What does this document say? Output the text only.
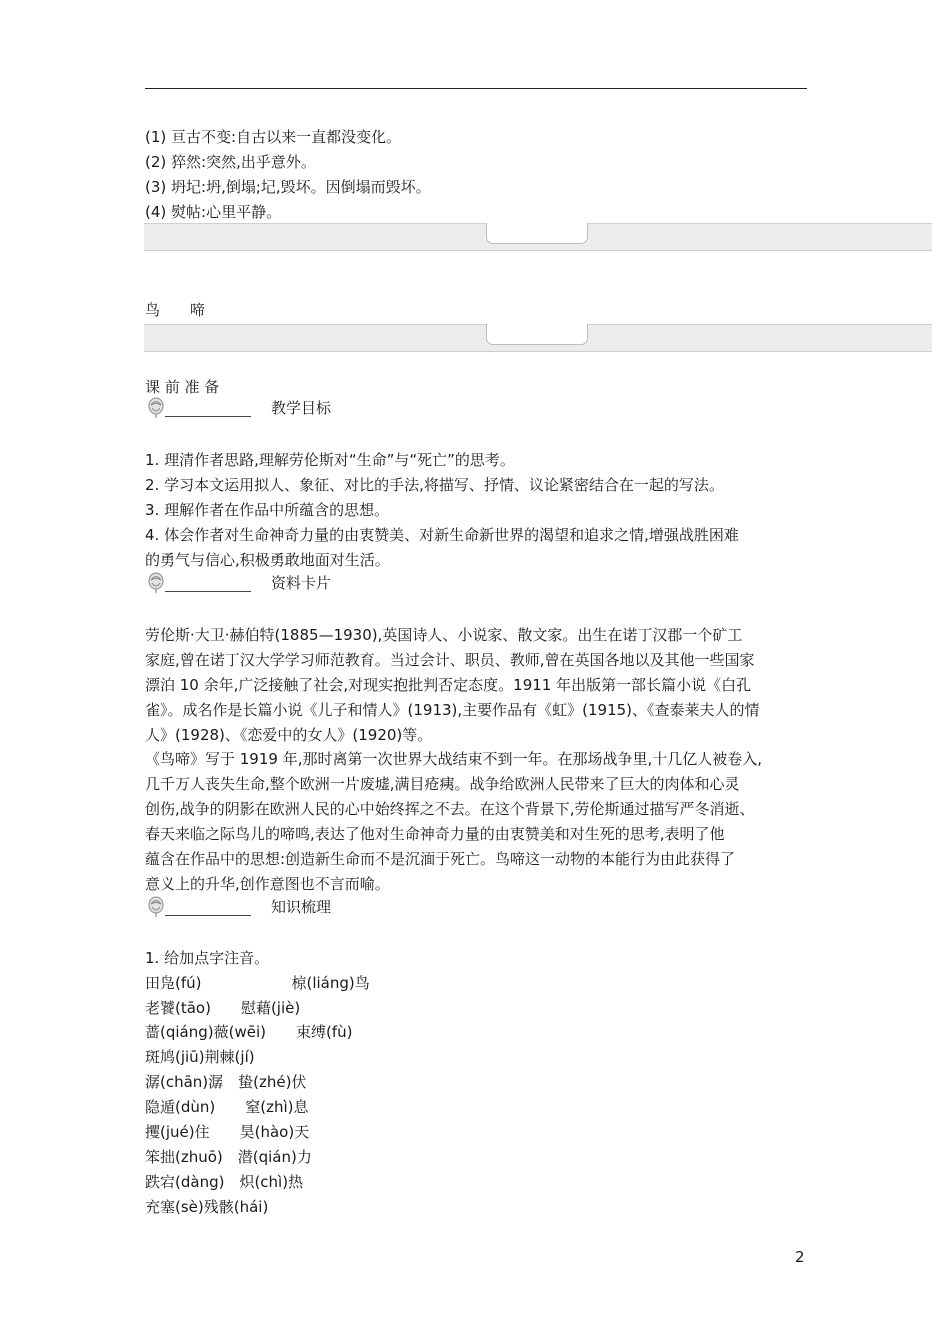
(1) 亘古不变:自古以来一直都没变化。
(2) 猝然:突然,出乎意外。
(3) 坍圮:坍,倒塌;圮,毁坏。因倒塌而毁坏。
(4) 熨帖:心里平静。
鸟　　啼
课 前 准 备
教学目标
1. 理清作者思路,理解劳伦斯对“生命”与“死亡”的思考。
2. 学习本文运用拟人、象征、对比的手法,将描写、抒情、议论紧密结合在一起的写法。
3. 理解作者在作品中所蕴含的思想。
4. 体会作者对生命神奇力量的由衷赞美、对新生命新世界的渴望和追求之情,增强战胜困难
的勇气与信心,积极勇敢地面对生活。
资料卡片
劳伦斯·大卫·赫伯特(1885—1930),英国诗人、小说家、散文家。出生在诺丁汉郡一个矿工
家庭,曾在诺丁汉大学学习师范教育。当过会计、职员、教师,曾在英国各地以及其他一些国家
漂泊 10 余年,广泛接触了社会,对现实抱批判否定态度。1911 年出版第一部长篇小说《白孔
雀》。成名作是长篇小说《儿子和情人》(1913),主要作品有《虹》(1915)、《查泰莱夫人的情
人》(1928)、《恋爱中的女人》(1920)等。
《鸟啼》写于 1919 年,那时离第一次世界大战结束不到一年。在那场战争里,十几亿人被卷入,
几千万人丧失生命,整个欧洲一片废墟,满目疮痍。战争给欧洲人民带来了巨大的肉体和心灵
创伤,战争的阴影在欧洲人民的心中始终挥之不去。在这个背景下,劳伦斯通过描写严冬消逝、
春天来临之际鸟儿的啼鸣,表达了他对生命神奇力量的由衷赞美和对生死的思考,表明了他
蕴含在作品中的思想:创造新生命而不是沉湎于死亡。鸟啼这一动物的本能行为由此获得了
意义上的升华,创作意图也不言而喻。
知识梳理
1. 给加点字注音。
田凫(fú)　　　　　　椋(liáng)鸟
老饕(tāo)　　慰藉(jiè)
蔷(qiáng)薇(wēi)　　束缚(fù)
斑鸠(jiū)荆棘(jí)
潺(chān)潺　蛰(zhé)伏
隐遁(dùn)　　窒(zhì)息
攫(jué)住　　昊(hào)天
笨拙(zhuō)　潜(qián)力
跌宕(dàng)　炽(chì)热
充塞(sè)残骸(hái)
2
